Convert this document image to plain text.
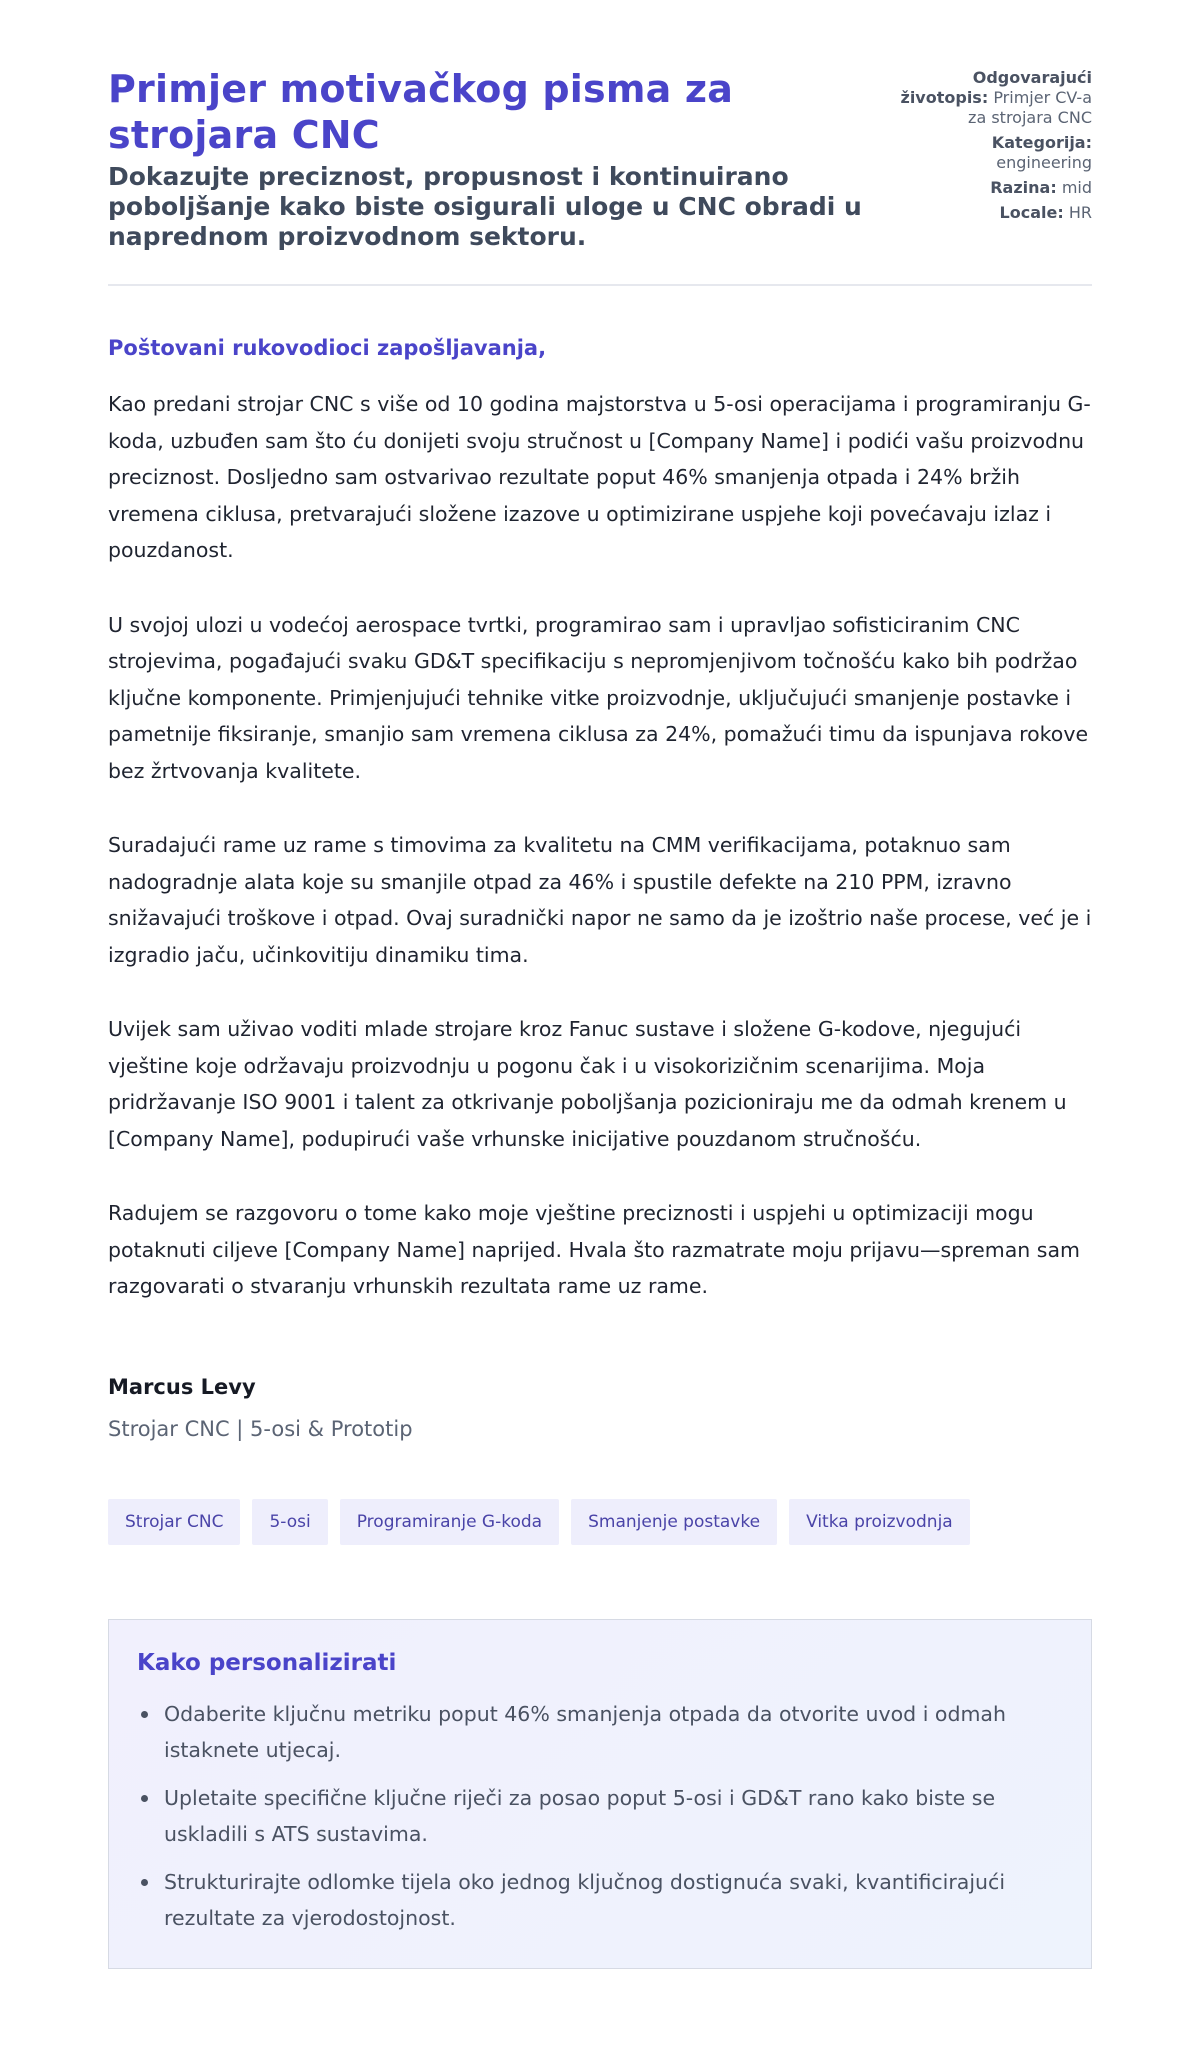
Primjer motivačkog pisma za strojara CNC
Dokazujte preciznost, propusnost i kontinuirano poboljšanje kako biste osigurali uloge u CNC obradi u naprednom proizvodnom sektoru.
Odgovarajući životopis: Primjer CV-a za strojara CNC
Kategorija:
engineering
Razina: mid
Locale: HR

Poštovani rukovodioci zapošljavanja,

Kao predani strojar CNC s više od 10 godina majstorstva u 5-osi operacijama i programiranju G-koda, uzbuđen sam što ću donijeti svoju stručnost u [Company Name] i podići vašu proizvodnu preciznost. Dosljedno sam ostvarivao rezultate poput 46% smanjenja otpada i 24% bržih vremena ciklusa, pretvarajući složene izazove u optimizirane uspjehe koji povećavaju izlaz i pouzdanost.

U svojoj ulozi u vodećoj aerospace tvrtki, programirao sam i upravljao sofisticiranim CNC strojevima, pogađajući svaku GD&T specifikaciju s nepromjenjivom točnošću kako bih podržao ključne komponente. Primjenjujući tehnike vitke proizvodnje, uključujući smanjenje postavke i pametnije fiksiranje, smanjio sam vremena ciklusa za 24%, pomažući timu da ispunjava rokove bez žrtvovanja kvalitete.

Suradajući rame uz rame s timovima za kvalitetu na CMM verifikacijama, potaknuo sam nadogradnje alata koje su smanjile otpad za 46% i spustile defekte na 210 PPM, izravno snižavajući troškove i otpad. Ovaj suradnički napor ne samo da je izoštrio naše procese, već je i izgradio jaču, učinkovitiju dinamiku tima.

Uvijek sam uživao voditi mlade strojare kroz Fanuc sustave i složene G-kodove, njegujući vještine koje održavaju proizvodnju u pogonu čak i u visokorizičnim scenarijima. Moja pridržavanje ISO 9001 i talent za otkrivanje poboljšanja pozicioniraju me da odmah krenem u [Company Name], podupirući vaše vrhunske inicijative pouzdanom stručnošću.

Radujem se razgovoru o tome kako moje vještine preciznosti i uspjehi u optimizaciji mogu potaknuti ciljeve [Company Name] naprijed. Hvala što razmatrate moju prijavu—spreman sam razgovarati o stvaranju vrhunskih rezultata rame uz rame.

Marcus Levy

Strojar CNC | 5-osi & Prototip

Strojar CNC	5-osi	Programiranje G-koda	Smanjenje postavke	Vitka proizvodnja
Kako personalizirati
Odaberite ključnu metriku poput 46% smanjenja otpada da otvorite uvod i odmah istaknete utjecaj.
Upletaite specifične ključne riječi za posao poput 5-osi i GD&T rano kako biste se uskladili s ATS sustavima.
Strukturirajte odlomke tijela oko jednog ključnog dostignuća svaki, kvantificirajući rezultate za vjerodostojnost.
